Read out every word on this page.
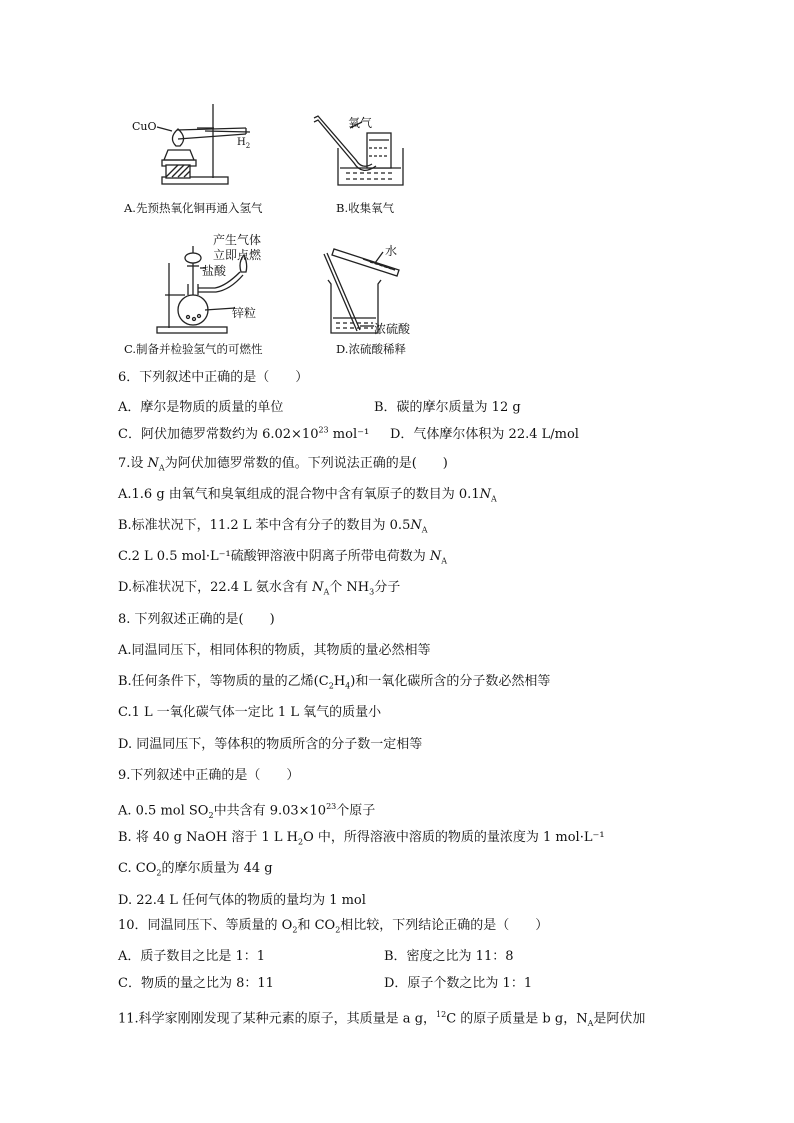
CuO
$H_2$
A.先预热氧化铜再通入氢气
氧气
B.收集氧气
产生气体
立即点燃
盐酸
锌粒
C.制备并检验氢气的可燃性
水
浓硫酸
D.浓硫酸稀释
6．下列叙述中正确的是（　　）
A．摩尔是物质的质量的单位	B．碳的摩尔质量为 12 g
C．阿伏加德罗常数约为 $6.02\times 10^{23}$ mol⁻¹ D．气体摩尔体积为 22.4 L/mol
7.设 $N_A$为阿伏加德罗常数的值。下列说法正确的是(　　)
A.1.6 g 由氧气和臭氧组成的混合物中含有氧原子的数目为 $0.1N_A$
B.标准状况下，11.2 L 苯中含有分子的数目为 $0.5N_A$
C.2 L 0.5 mol·L⁻¹硫酸钾溶液中阴离子所带电荷数为 $N_A$
D.标准状况下，22.4 L 氨水含有 $N_A$个 $NH_3$分子
8. 下列叙述正确的是(　　)
A.同温同压下，相同体积的物质，其物质的量必然相等
B.任何条件下，等物质的量的乙烯$(C_2H_4)$和一氧化碳所含的分子数必然相等
C.1 L 一氧化碳气体一定比 1 L 氧气的质量小
D. 同温同压下，等体积的物质所含的分子数一定相等
9.下列叙述中正确的是（　　）
A. 0.5 mol $SO_2$中共含有 $9.03\times 10^{23}$个原子
B. 将 40 g NaOH 溶于 1 L $H_2O$ 中，所得溶液中溶质的物质的量浓度为 1 mol·L⁻¹
C. $CO_2$的摩尔质量为 44 g
D. 22.4 L 任何气体的物质的量均为 1 mol
10．同温同压下、等质量的 $O_2$和 $CO_2$相比较，下列结论正确的是（　　）
A．质子数目之比是 1：1	B．密度之比为 11：8
C．物质的量之比为 8：11	D．原子个数之比为 1：1
11.科学家刚刚发现了某种元素的原子，其质量是 a g，$^{12}$C 的原子质量是 b g，$N_A$是阿伏加
